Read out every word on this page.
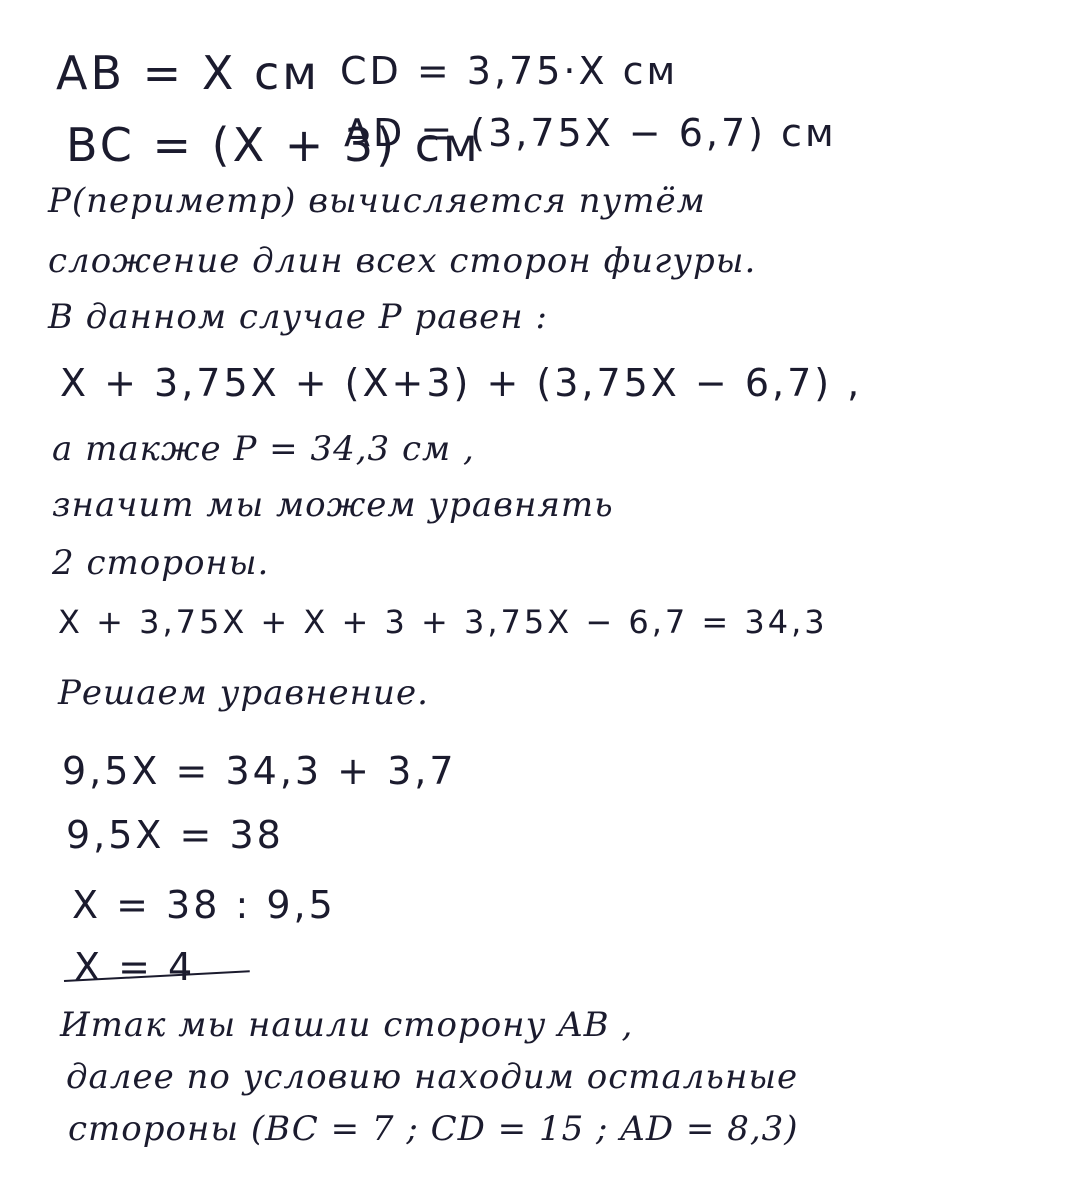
AB = X см CD = 3,75·X см
BC = (X + 3) см
AD = (3,75X − 6,7) см
P(периметр) вычисляется путём
сложение длин всех сторон фигуры.
В данном случае P равен :
X + 3,75X + (X+3) + (3,75X − 6,7) ,
а также P = 34,3 см ,
значит мы можем уравнять
2 стороны.
X + 3,75X + X + 3 + 3,75X − 6,7 = 34,3
Решаем уравнение.
9,5X = 34,3 + 3,7
9,5X = 38
X = 38 : 9,5
X = 4
Итак мы нашли сторону AB ,
далее по условию находим остальные
стороны (BC = 7 ; CD = 15 ; AD = 8,3)
